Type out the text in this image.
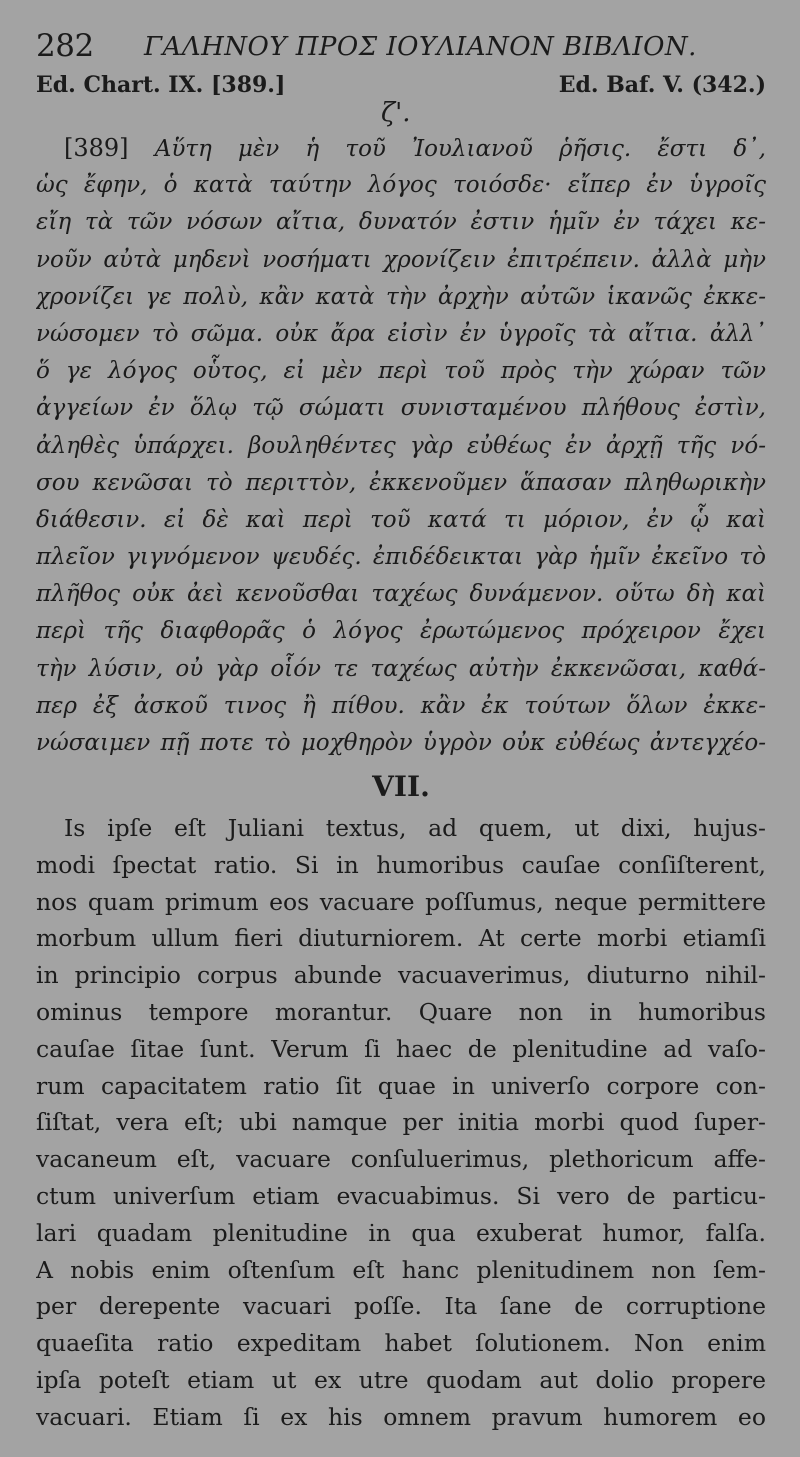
282 ΓΑΛΗΝΟΥ ΠΡΟΣ ΙΟΥΛΙΑΝΟΝ ΒΙΒΛΙΟΝ.
Ed. Chart. IX. [389.]	Ed. Baf. V. (342.)
ζ'.
[389] Αὕτη μὲν ἡ τοῦ Ἰουλιανοῦ ῥῆσις. ἔστι δ᾽,
ὡς ἔφην, ὁ κατὰ ταύτην λόγος τοιόσδε· εἴπερ ἐν ὑγροῖς
εἴη τὰ τῶν νόσων αἴτια, δυνατόν ἐστιν ἡμῖν ἐν τάχει κε-
νοῦν αὐτὰ μηδενὶ νοσήματι χρονίζειν ἐπιτρέπειν. ἀλλὰ μὴν
χρονίζει γε πολὺ, κἂν κατὰ τὴν ἀρχὴν αὐτῶν ἱκανῶς ἐκκε-
νώσομεν τὸ σῶμα. οὐκ ἄρα εἰσὶν ἐν ὑγροῖς τὰ αἴτια. ἀλλ᾽
ὅ γε λόγος οὗτος, εἰ μὲν περὶ τοῦ πρὸς τὴν χώραν τῶν
ἀγγείων ἐν ὅλῳ τῷ σώματι συνισταμένου πλήθους ἐστὶν,
ἀληθὲς ὑπάρχει. βουληθέντες γὰρ εὐθέως ἐν ἀρχῇ τῆς νό-
σου κενῶσαι τὸ περιττὸν, ἐκκενοῦμεν ἅπασαν πληθωρικὴν
διάθεσιν. εἰ δὲ καὶ περὶ τοῦ κατά τι μόριον, ἐν ᾧ καὶ
πλεῖον γιγνόμενον ψευδές. ἐπιδέδεικται γὰρ ἡμῖν ἐκεῖνο τὸ
πλῆθος οὐκ ἀεὶ κενοῦσθαι ταχέως δυνάμενον. οὕτω δὴ καὶ
περὶ τῆς διαφθορᾶς ὁ λόγος ἐρωτώμενος πρόχειρον ἔχει
τὴν λύσιν, οὐ γὰρ οἷόν τε ταχέως αὐτὴν ἐκκενῶσαι, καθά-
περ ἐξ ἀσκοῦ τινος ἢ πίθου. κἂν ἐκ τούτων ὅλων ἐκκε-
νώσαιμεν πῇ ποτε τὸ μοχθηρὸν ὑγρὸν οὐκ εὐθέως ἀντεγχέο-
VII.
Is ipſe eſt Juliani textus, ad quem, ut dixi, hujus-
modi ſpectat ratio. Si in humoribus cauſae conſiſterent,
nos quam primum eos vacuare poſſumus, neque permittere
morbum ullum fieri diuturniorem. At certe morbi etiamſi
in principio corpus abunde vacuaverimus, diuturno nihil-
ominus tempore morantur. Quare non in humoribus
cauſae ſitae ſunt. Verum ſi haec de plenitudine ad vaſo-
rum capacitatem ratio ſit quae in univerſo corpore con-
ſiſtat, vera eſt; ubi namque per initia morbi quod ſuper-
vacaneum eſt, vacuare conſuluerimus, plethoricum affe-
ctum univerſum etiam evacuabimus. Si vero de particu-
lari quadam plenitudine in qua exuberat humor, falſa.
A nobis enim oſtenſum eſt hanc plenitudinem non ſem-
per derepente vacuari poſſe. Ita ſane de corruptione
quaeſita ratio expeditam habet ſolutionem. Non enim
ipſa poteſt etiam ut ex utre quodam aut dolio propere
vacuari. Etiam ſi ex his omnem pravum humorem eo
